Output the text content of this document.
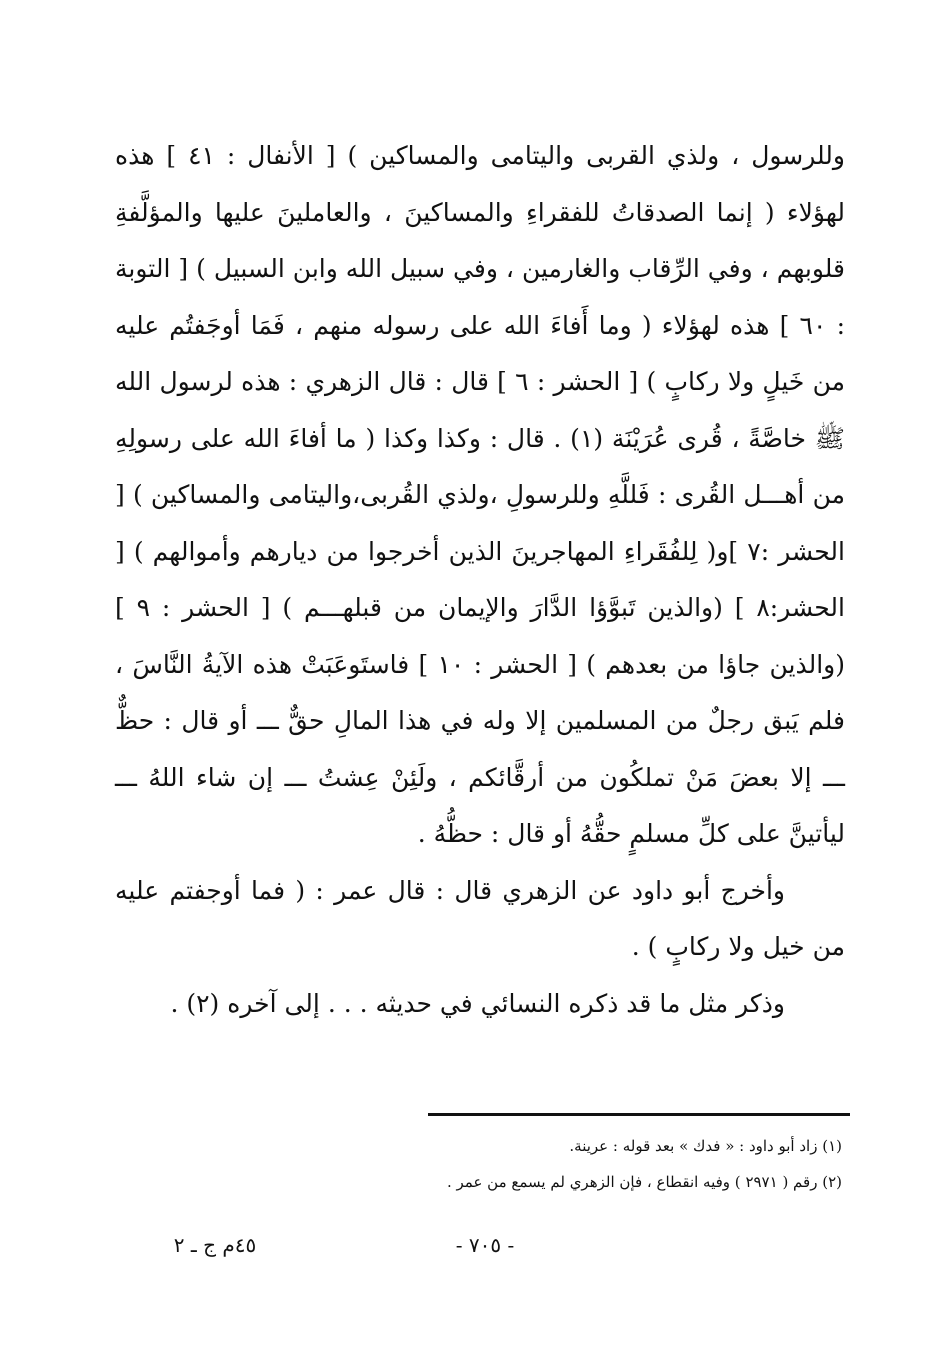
وللرسول ، ولذي القربى واليتامى والمساكين ) [ الأنفال : ٤١ ] هذه لهؤلاء ( إنما الصدقاتُ للفقراءِ والمساكينَ ، والعاملينَ عليها والمؤلَّفةِ قلوبهم ، وفي الرِّقاب والغارمين ، وفي سبيل الله وابن السبيل ) [ التوبة : ٦٠ ] هذه لهؤلاء ( وما أَفاءَ الله على رسوله منهم ، فَمَا أوجَفتُم عليه من خَيلٍ ولا ركابٍ ) [ الحشر : ٦ ] قال : قال الزهري : هذه لرسول الله ﷺ خاصَّةً ، قُرى عُرَيْنَة (١) . قال : وكذا وكذا ( ما أفاءَ الله على رسولِهِ من أهـــل القُرى : فَللَّهِ وللرسولِ ،ولذي القُربى،واليتامى والمساكين ) [ الحشر :٧ ]و( لِلفُقَراءِ المهاجرينَ الذين أخرجوا من ديارهم وأموالهم ) [ الحشر:٨ ] (والذين تَبوَّؤا الدَّارَ والإيمان من قبلهـــم ) [ الحشر : ٩ ] (والذين جاؤا من بعدهم ) [ الحشر : ١٠ ] فاستَوعَبَتْ هذه الآيةُ النَّاسَ ، فلم يَبق رجلٌ من المسلمين إلا وله في هذا المالِ حقٌّ ـــ أو قال : حظٌّ ـــ إلا بعضَ مَنْ تملكُون من أرقَّائكم ، ولَئِنْ عِشتُ ـــ إن شاء اللهُ ـــ ليأتينَّ على كلِّ مسلمٍ حقُّهُ أو قال : حظُّهُ .

وأخرج أبو داود عن الزهري قال : قال عمر : ( فما أوجفتم عليه من خيل ولا ركابٍ ) .

وذكر مثل ما قد ذكره النسائي في حديثه . . . إلى آخره (٢) .

(١) زاد أبو داود : « فدك » بعد قوله : عرينة.

(٢) رقم ( ٢٩٧١ ) وفيه انقطاع ، فإن الزهري لم يسمع من عمر .

- ٧٠٥ -
٤٥م ج ـ ٢
